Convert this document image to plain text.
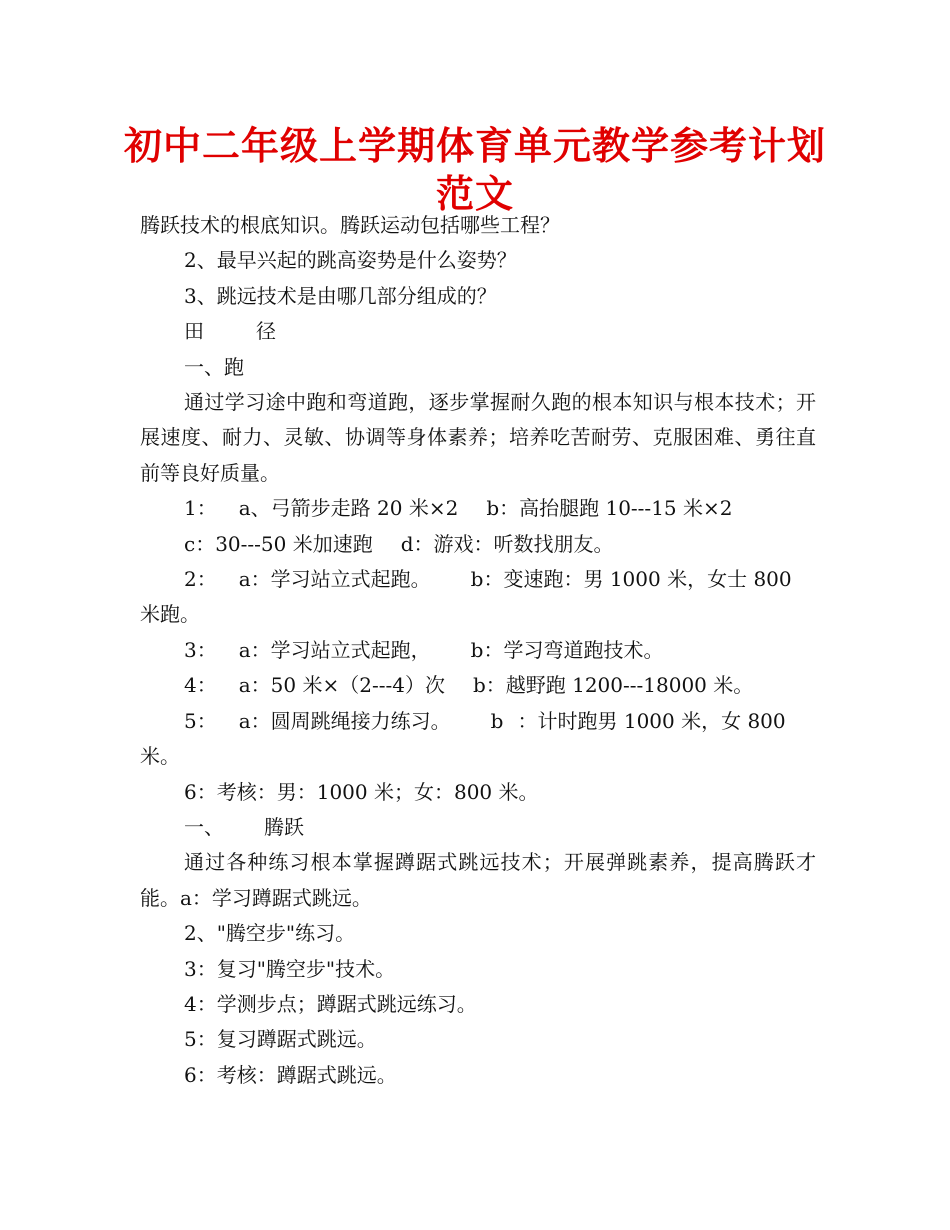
初中二年级上学期体育单元教学参考计划
范文

腾跃技术的根底知识。腾跃运动包括哪些工程？

2、最早兴起的跳高姿势是什么姿势？

3、跳远技术是由哪几部分组成的？

田	径

一、跑

通过学习途中跑和弯道跑，逐步掌握耐久跑的根本知识与根本技术；开展速度、耐力、灵敏、协调等身体素养；培养吃苦耐劳、克服困难、勇往直前等良好质量。

1： a、弓箭步走路 20 米×2 b：高抬腿跑 10---15 米×2

c：30---50 米加速跑 d：游戏：听数找朋友。

2： a：学习站立式起跑。 b：变速跑：男 1000 米，女士 800

米跑。

3： a：学习站立式起跑， b：学习弯道跑技术。

4： a：50 米×（2---4）次 b：越野跑 1200---18000 米。

5： a：圆周跳绳接力练习。 b ：计时跑男 1000 米，女 800

米。

6：考核：男：1000 米；女：800 米。

一、 腾跃

通过各种练习根本掌握蹲踞式跳远技术；开展弹跳素养，提高腾跃才能。a：学习蹲踞式跳远。

2、"腾空步"练习。

3：复习"腾空步"技术。

4：学测步点；蹲踞式跳远练习。

5：复习蹲踞式跳远。

6：考核：蹲踞式跳远。
